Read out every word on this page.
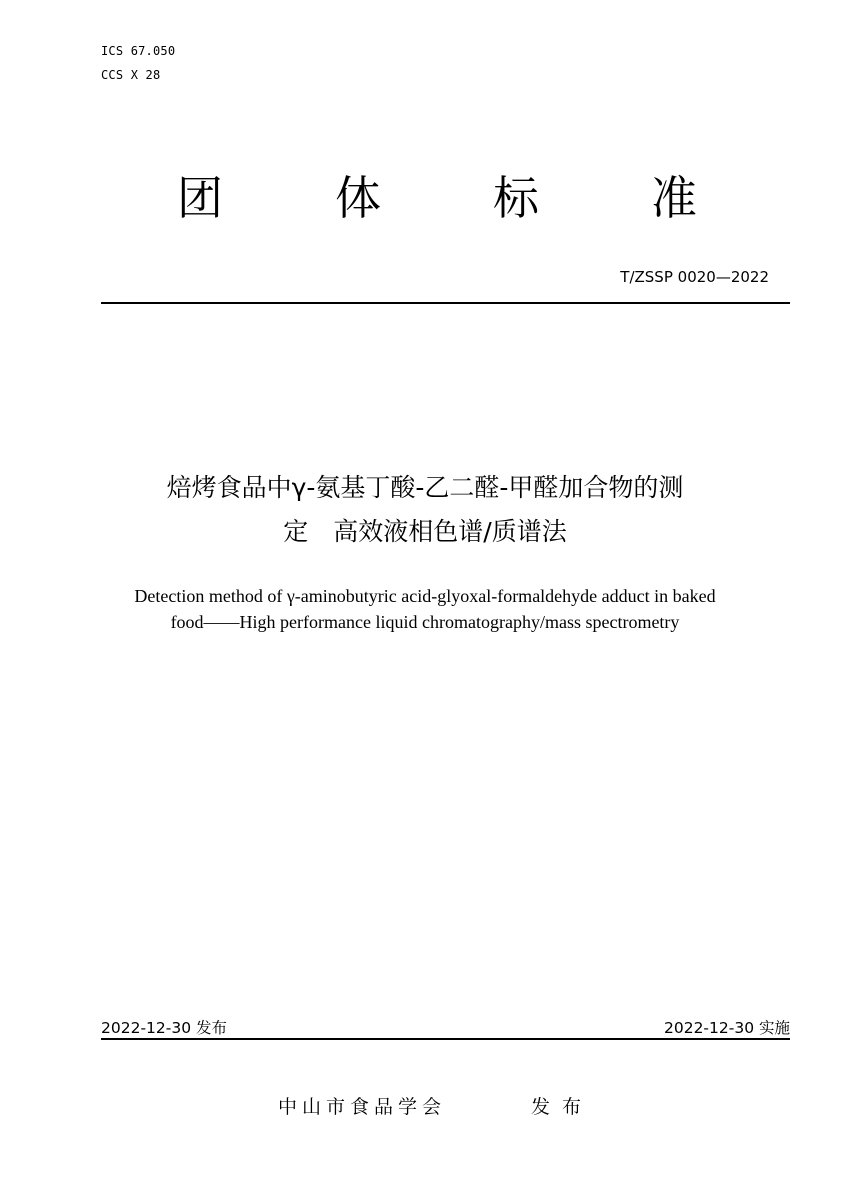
ICS 67.050
CCS X 28
团 体 标 准
T/ZSSP 0020—2022
焙烤食品中γ-氨基丁酸-乙二醛-甲醛加合物的测
定　高效液相色谱/质谱法
Detection method of γ-aminobutyric acid-glyoxal-formaldehyde adduct in baked
food——High performance liquid chromatography/mass spectrometry
2022-12-30 发布	2022-12-30 实施
中山市食品学会	发布
